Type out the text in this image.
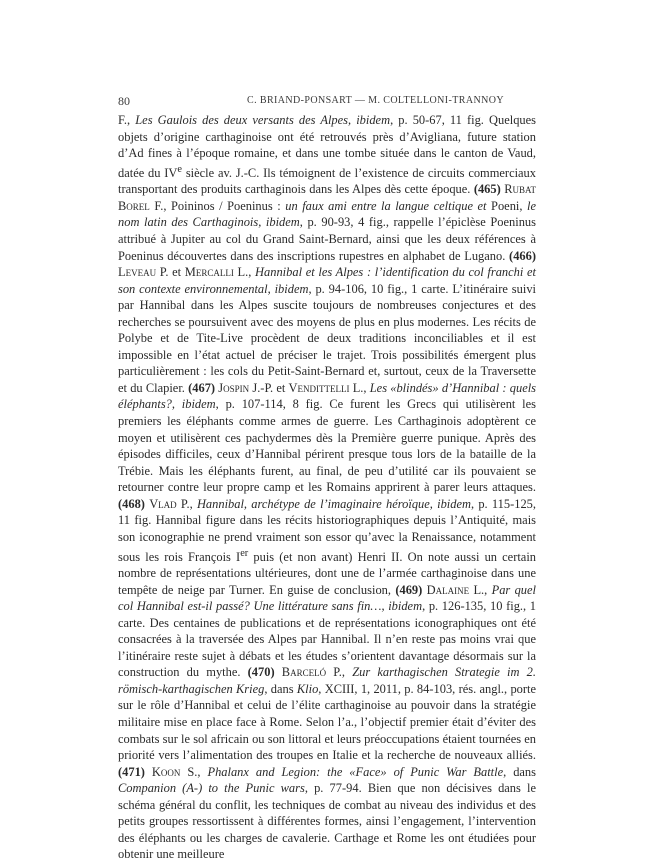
80	C. BRIAND-PONSART — M. COLTELLONI-TRANNOY

F., Les Gaulois des deux versants des Alpes, ibidem, p. 50-67, 11 fig. Quelques objets d’origine carthaginoise ont été retrouvés près d’Avigliana, future station d’Ad fines à l’époque romaine, et dans une tombe située dans le canton de Vaud, datée du IVe siècle av. J.-C. Ils témoignent de l’existence de circuits commerciaux transportant des produits carthaginois dans les Alpes dès cette époque. (465) Rubat Borel F., Poininos / Poeninus : un faux ami entre la langue celtique et Poeni, le nom latin des Carthaginois, ibidem, p. 90-93, 4 fig., rappelle l’épiclèse Poeninus attribué à Jupiter au col du Grand Saint-Bernard, ainsi que les deux références à Poeninus découvertes dans des inscriptions rupestres en alphabet de Lugano. (466) Leveau P. et Mercalli L., Hannibal et les Alpes : l’identification du col franchi et son contexte environnemental, ibidem, p. 94-106, 10 fig., 1 carte. L’itinéraire suivi par Hannibal dans les Alpes suscite toujours de nombreuses conjectures et des recherches se poursuivent avec des moyens de plus en plus modernes. Les récits de Polybe et de Tite-Live procèdent de deux traditions inconciliables et il est impossible en l’état actuel de préciser le trajet. Trois possibilités émergent plus particulièrement : les cols du Petit-Saint-Bernard et, surtout, ceux de la Traversette et du Clapier. (467) Jospin J.-P. et Vendittelli L., Les «blindés» d’Hannibal : quels éléphants?, ibidem, p. 107-114, 8 fig. Ce furent les Grecs qui utilisèrent les premiers les éléphants comme armes de guerre. Les Carthaginois adoptèrent ce moyen et utilisèrent ces pachydermes dès la Première guerre punique. Après des épisodes difficiles, ceux d’Hannibal périrent presque tous lors de la bataille de la Trébie. Mais les éléphants furent, au final, de peu d’utilité car ils pouvaient se retourner contre leur propre camp et les Romains apprirent à parer leurs attaques. (468) Vlad P., Hannibal, archétype de l’imaginaire héroïque, ibidem, p. 115-125, 11 fig. Hannibal figure dans les récits historiographiques depuis l’Antiquité, mais son iconographie ne prend vraiment son essor qu’avec la Renaissance, notamment sous les rois François Ier puis (et non avant) Henri II. On note aussi un certain nombre de représentations ultérieures, dont une de l’armée carthaginoise dans une tempête de neige par Turner. En guise de conclusion, (469) Dalaine L., Par quel col Hannibal est-il passé? Une littérature sans fin…, ibidem, p. 126-135, 10 fig., 1 carte. Des centaines de publications et de représentations iconographiques ont été consacrées à la traversée des Alpes par Hannibal. Il n’en reste pas moins vrai que l’itinéraire reste sujet à débats et les études s’orientent davantage désormais sur la construction du mythe. (470) Barceló P., Zur karthagischen Strategie im 2. römisch-karthagischen Krieg, dans Klio, XCIII, 1, 2011, p. 84-103, rés. angl., porte sur le rôle d’Hannibal et celui de l’élite carthaginoise au pouvoir dans la stratégie militaire mise en place face à Rome. Selon l’a., l’objectif premier était d’éviter des combats sur le sol africain ou son littoral et leurs préoccupations étaient tournées en priorité vers l’alimentation des troupes en Italie et la recherche de nouveaux alliés. (471) Koon S., Phalanx and Legion: the «Face» of Punic War Battle, dans Companion (A-) to the Punic wars, p. 77-94. Bien que non décisives dans le schéma général du conflit, les techniques de combat au niveau des individus et des petits groupes ressortissent à différentes formes, ainsi l’engagement, l’intervention des éléphants ou les charges de cavalerie. Carthage et Rome les ont étudiées pour obtenir une meilleure
